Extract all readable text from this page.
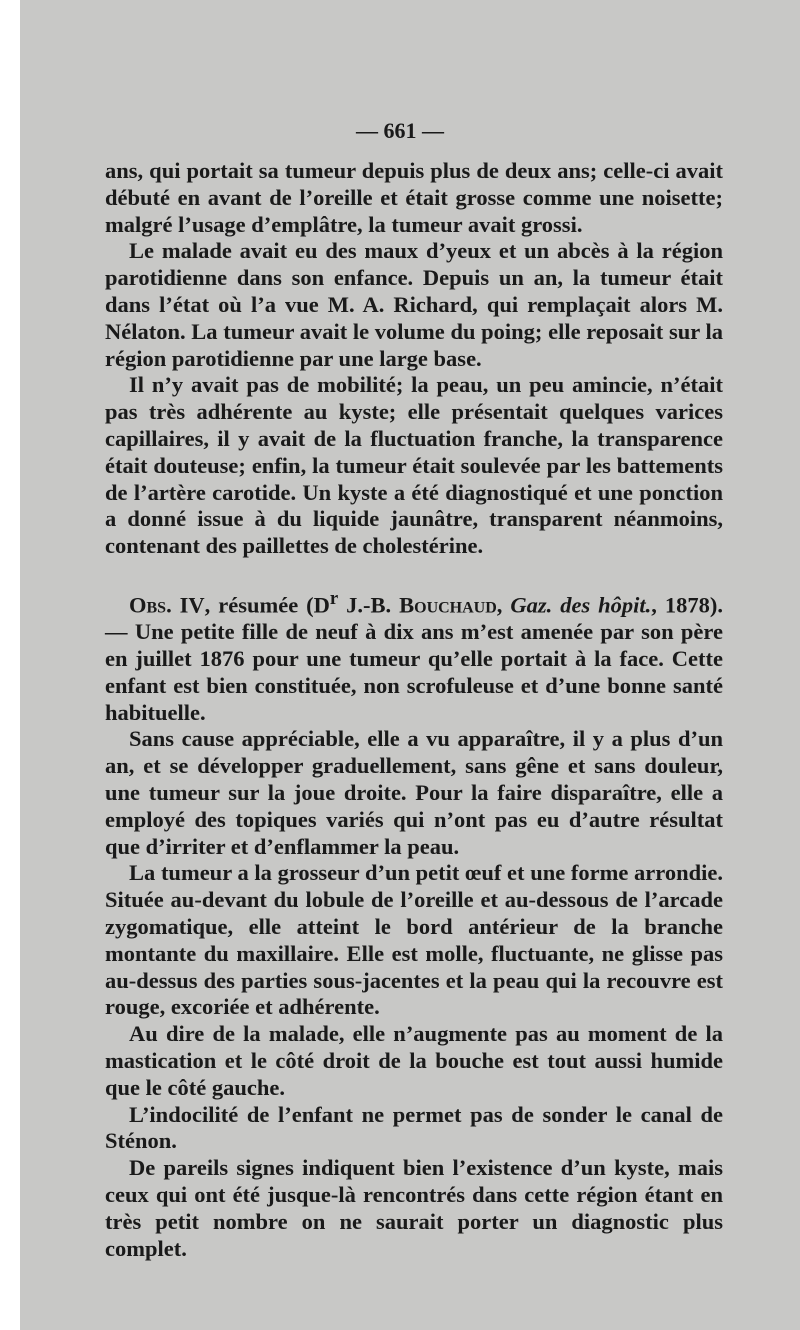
— 661 —

ans, qui portait sa tumeur depuis plus de deux ans; celle-ci avait débuté en avant de l’oreille et était grosse comme une noisette; malgré l’usage d’emplâtre, la tumeur avait grossi.

Le malade avait eu des maux d’yeux et un abcès à la région parotidienne dans son enfance. Depuis un an, la tumeur était dans l’état où l’a vue M. A. Richard, qui remplaçait alors M. Nélaton. La tumeur avait le volume du poing; elle reposait sur la région parotidienne par une large base.

Il n’y avait pas de mobilité; la peau, un peu amincie, n’était pas très adhérente au kyste; elle présentait quelques varices capillaires, il y avait de la fluctuation franche, la transparence était douteuse; enfin, la tumeur était soulevée par les battements de l’artère carotide. Un kyste a été diagnostiqué et une ponction a donné issue à du liquide jaunâtre, transparent néanmoins, contenant des paillettes de cholestérine.

Obs. IV, résumée ($D^r$ J.-B. Bouchaud, Gaz. des hôpit., 1878). — Une petite fille de neuf à dix ans m’est amenée par son père en juillet 1876 pour une tumeur qu’elle portait à la face. Cette enfant est bien constituée, non scrofuleuse et d’une bonne santé habituelle.

Sans cause appréciable, elle a vu apparaître, il y a plus d’un an, et se développer graduellement, sans gêne et sans douleur, une tumeur sur la joue droite. Pour la faire disparaître, elle a employé des topiques variés qui n’ont pas eu d’autre résultat que d’irriter et d’enflammer la peau.

La tumeur a la grosseur d’un petit œuf et une forme arrondie. Située au-devant du lobule de l’oreille et au-dessous de l’arcade zygomatique, elle atteint le bord antérieur de la branche montante du maxillaire. Elle est molle, fluctuante, ne glisse pas au-dessus des parties sous-jacentes et la peau qui la recouvre est rouge, excoriée et adhérente.

Au dire de la malade, elle n’augmente pas au moment de la mastication et le côté droit de la bouche est tout aussi humide que le côté gauche.

L’indocilité de l’enfant ne permet pas de sonder le canal de Sténon.

De pareils signes indiquent bien l’existence d’un kyste, mais ceux qui ont été jusque-là rencontrés dans cette région étant en très petit nombre on ne saurait porter un diagnostic plus complet.
